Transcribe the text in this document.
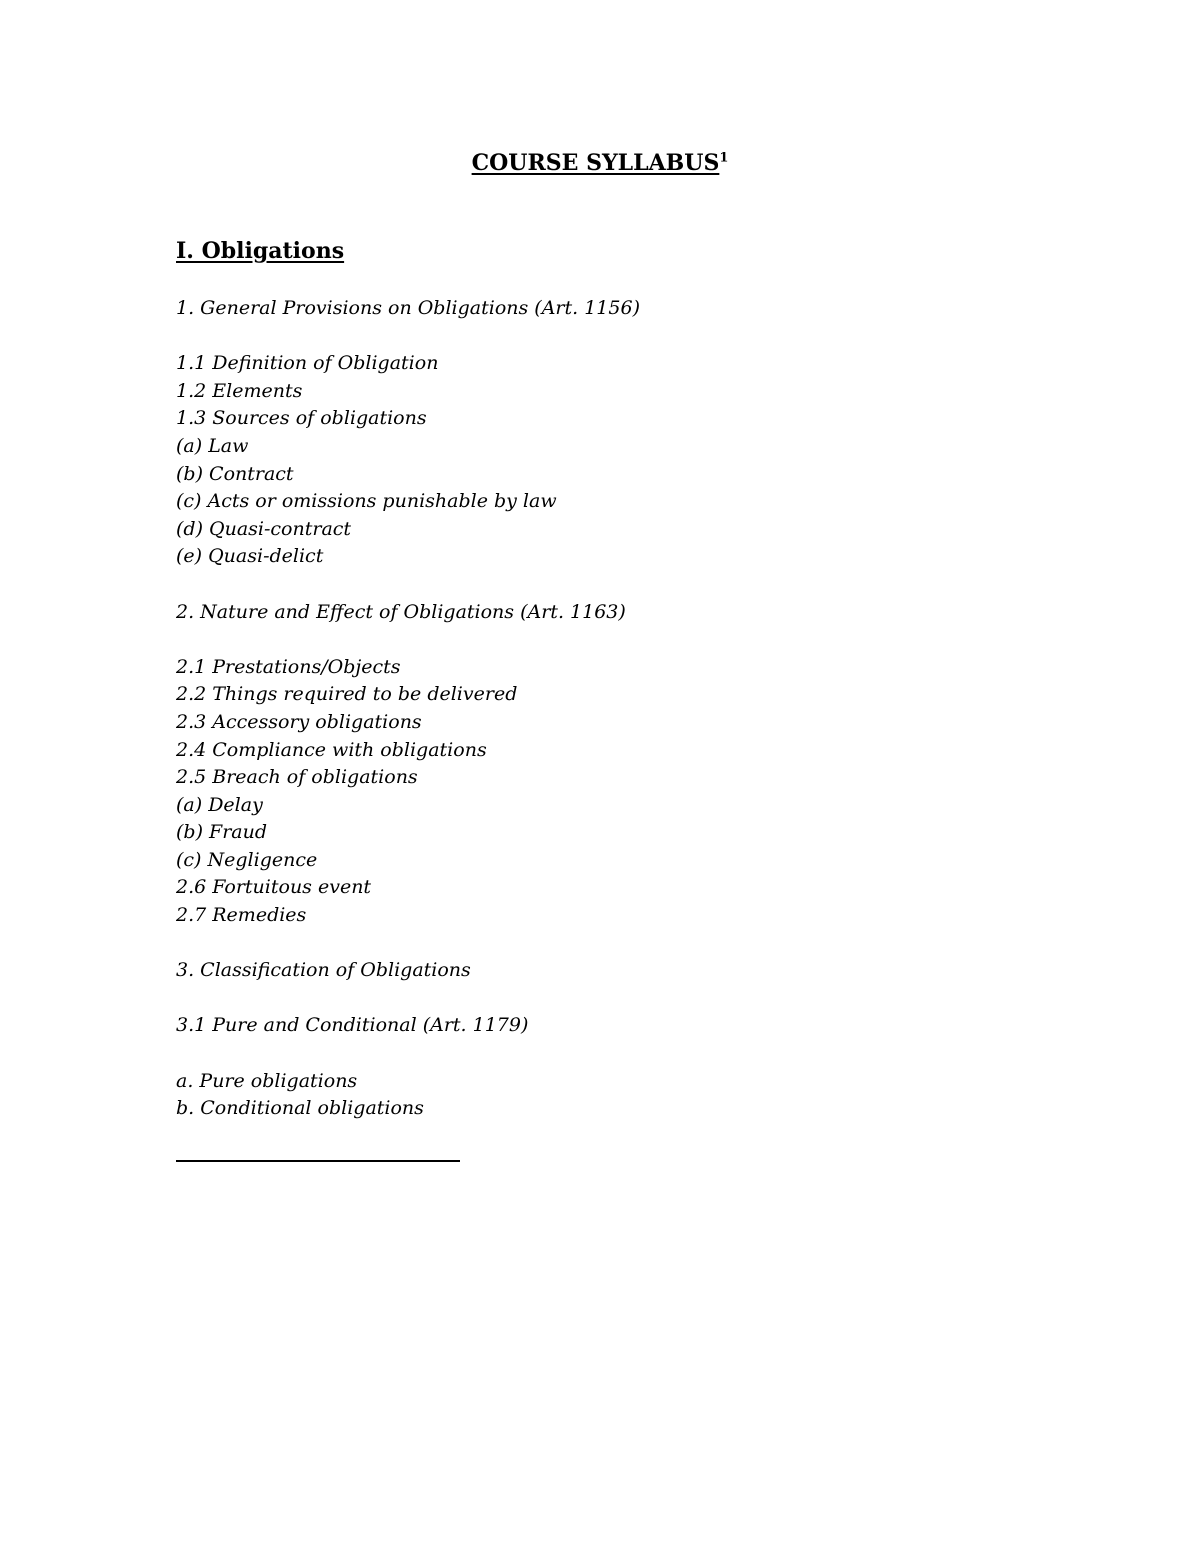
COURSE SYLLABUS$^1$
I. Obligations
1. General Provisions on Obligations (Art. 1156)
1.1 Definition of Obligation
1.2 Elements
1.3 Sources of obligations
(a) Law
(b) Contract
(c) Acts or omissions punishable by law
(d) Quasi-contract
(e) Quasi-delict
2. Nature and Effect of Obligations (Art. 1163)
2.1 Prestations/Objects
2.2 Things required to be delivered
2.3 Accessory obligations
2.4 Compliance with obligations
2.5 Breach of obligations
(a) Delay
(b) Fraud
(c) Negligence
2.6 Fortuitous event
2.7 Remedies
3. Classification of Obligations
3.1 Pure and Conditional (Art. 1179)
a. Pure obligations
b. Conditional obligations
